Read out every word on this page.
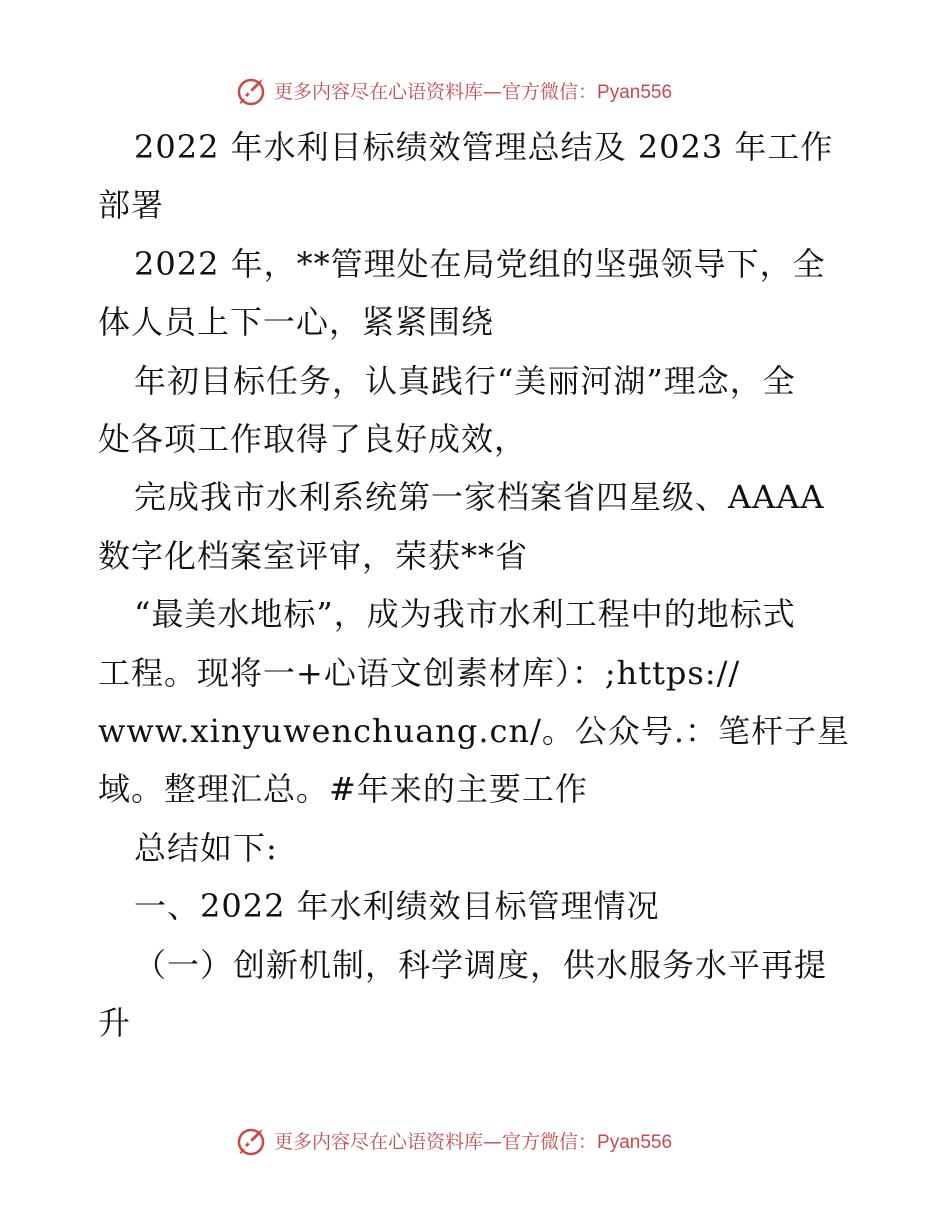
更多内容尽在心语资料库—官方微信：Pyan556
2022 年水利目标绩效管理总结及 2023 年工作
部署
2022 年，**管理处在局党组的坚强领导下，全
体人员上下一心，紧紧围绕
年初目标任务，认真践行“美丽河湖”理念，全
处各项工作取得了良好成效，
完成我市水利系统第一家档案省四星级、AAAA
数字化档案室评审，荣获**省
“最美水地标”，成为我市水利工程中的地标式
工程。现将一+心语文创素材库）：;https://
www.xinyuwenchuang.cn/。公众号.：笔杆子星
域。整理汇总。#年来的主要工作
总结如下:
一、2022 年水利绩效目标管理情况
（一）创新机制，科学调度，供水服务水平再提
升
更多内容尽在心语资料库—官方微信：Pyan556
